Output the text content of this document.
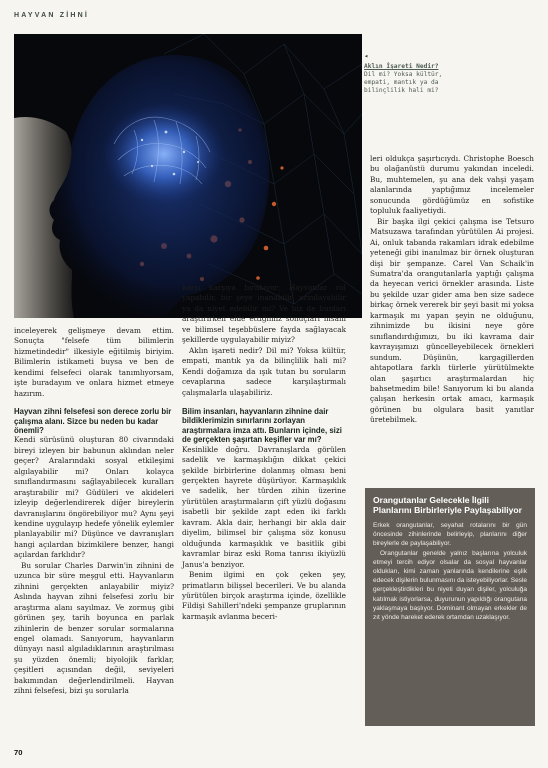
HAYVAN ZİHNİ
◂
Aklın İşareti Nedir?
Dil mi? Yoksa kültür, empati, mantık ya da bilinçlilik hali mi?

inceleyerek gelişmeye devam ettim. Sonuçta "felsefe tüm bilimlerin hizmetindedir" ilkesiyle eğitilmiş biriyim. Bilimlerin istikameti buysa ve ben de kendimi felsefeci olarak tanımlıyorsam, işte buradayım ve onlara hizmet etmeye hazırım.

Hayvan zihni felsefesi son derece zorlu bir çalışma alanı. Sizce bu neden bu kadar önemli?

Kendi sürüsünü oluşturan 80 civarındaki bireyi izleyen bir babunun aklından neler geçer? Aralarındaki sosyal etkileşimi algılayabilir mi? Onları kolayca sınıflandırmasını sağlayabilecek kuralları araştırabilir mi? Güdüleri ve akideleri izleyip değerlendirerek diğer bireylerin davranışlarını öngörebiliyor mu? Aynı şeyi kendine uygulayıp hedefe yönelik eylemler planlayabilir mi? Düşünce ve davranışları hangi açılardan bizimkilere benzer, hangi açılardan farklıdır?

Bu sorular Charles Darwin'in zihnini de uzunca bir süre meşgul etti. Hayvanların zihnini gerçekten anlayabilir miyiz? Aslında hayvan zihni felsefesi zorlu bir araştırma alanı sayılmaz. Ve zormuş gibi görünen şey, tarih boyunca en parlak zihinlerin de benzer sorular sormalarına engel olamadı. Sanıyorum, hayvanların dünyayı nasıl algıladıklarının araştırılması şu yüzden önemli; biyolojik farklar, çeşitleri açısından değil, seviyeleri bakımından değerlendirilmeli. Hayvan zihni felsefesi, bizi şu sorularla

karşı karşıya bırakıyor; Hayvanlar rol yapabilir, bir şeye inanabilir, arzulayabilir ya da niyet edebilir mi? Ve biz de bunları araştırırken elde ettiğimiz sonuçları insani ve bilimsel teşebbüslere fayda sağlayacak şekillerde uygulayabilir miyiz?

Aklın işareti nedir? Dil mi? Yoksa kültür, empati, mantık ya da bilinçlilik hali mi? Kendi doğamıza da ışık tutan bu soruların cevaplarına sadece karşılaştırmalı çalışmalarla ulaşabiliriz.

Bilim insanları, hayvanların zihnine dair bildiklerimizin sınırlarını zorlayan araştırmalara imza attı. Bunların içinde, sizi de gerçekten şaşırtan keşifler var mı?

Kesinlikle doğru. Davranışlarda görülen sadelik ve karmaşıklığın dikkat çekici şekilde birbirlerine dolanmış olması beni gerçekten hayrete düşürüyor. Karmaşıklık ve sadelik, her türden zihin üzerine yürütülen araştırmaların çift yüzlü doğasını isabetli bir şekilde zapt eden iki farklı kavram. Akla dair, herhangi bir akla dair diyelim, bilimsel bir çalışma söz konusu olduğunda karmaşıklık ve basitlik gibi kavramlar biraz eski Roma tanrısı ikiyüzlü Janus'a benziyor.

Benim ilgimi en çok çeken şey, primatların bilişsel becerileri. Ve bu alanda yürütülen birçok araştırma içinde, özellikle Fildişi Sahilleri'ndeki şempanze gruplarının karmaşık avlanma beceri-

leri oldukça şaşırtıcıydı. Christophe Boesch bu olağanüstü durumu yakından inceledi. Bu, muhtemelen, şu ana dek vahşi yaşam alanlarında yaptığımız incelemeler sonucunda gördüğümüz en sofistike topluluk faaliyetiydi.

Bir başka ilgi çekici çalışma ise Tetsuro Matsuzawa tarafından yürütülen Ai projesi. Ai, onluk tabanda rakamları idrak edebilme yeteneği gibi inanılmaz bir örnek oluşturan dişi bir şempanze. Carel Van Schaik'in Sumatra'da orangutanlarla yaptığı çalışma da heyecan verici örnekler arasında. Liste bu şekilde uzar gider ama ben size sadece birkaç örnek vererek bir şeyi basit mi yoksa karmaşık mı yapan şeyin ne olduğunu, zihnimizde bu ikisini neye göre sınıflandırdığımızı, bu iki kavrama dair kavrayışımızı güncelleyebilecek örnekleri sundum. Düşünün, kargagillerden ahtapotlara farklı türlerle yürütülmekte olan şaşırtıcı araştırmalardan hiç bahsetmedim bile! Sanıyorum ki bu alanda çalışan herkesin ortak amacı, karmaşık görünen bu olgulara basit yanıtlar üretebilmek.

Orangutanlar Gelecekle İlgili Planlarını Birbirleriyle Paylaşabiliyor

Erkek orangutanlar, seyahat rotalarını bir gün öncesinde zihinlerinde belirleyip, planlarını diğer bireylerle de paylaşabiliyor.

Orangutanlar genelde yalnız başlarına yolculuk etmeyi tercih ediyor olsalar da sosyal hayvanlar oldukları, kimi zaman yanlarında kendilerine eşlik edecek dişilerin bulunmasını da isteyebiliyorlar. Sesle gerçekleştirdikleri bu niyeti duyan dişiler, yolculuğa katılmak istiyorlarsa, duyurunun yapıldığı orangutana yaklaşmaya başlıyor. Dominant olmayan erkekler de zıt yönde hareket ederek ortamdan uzaklaşıyor.

70
